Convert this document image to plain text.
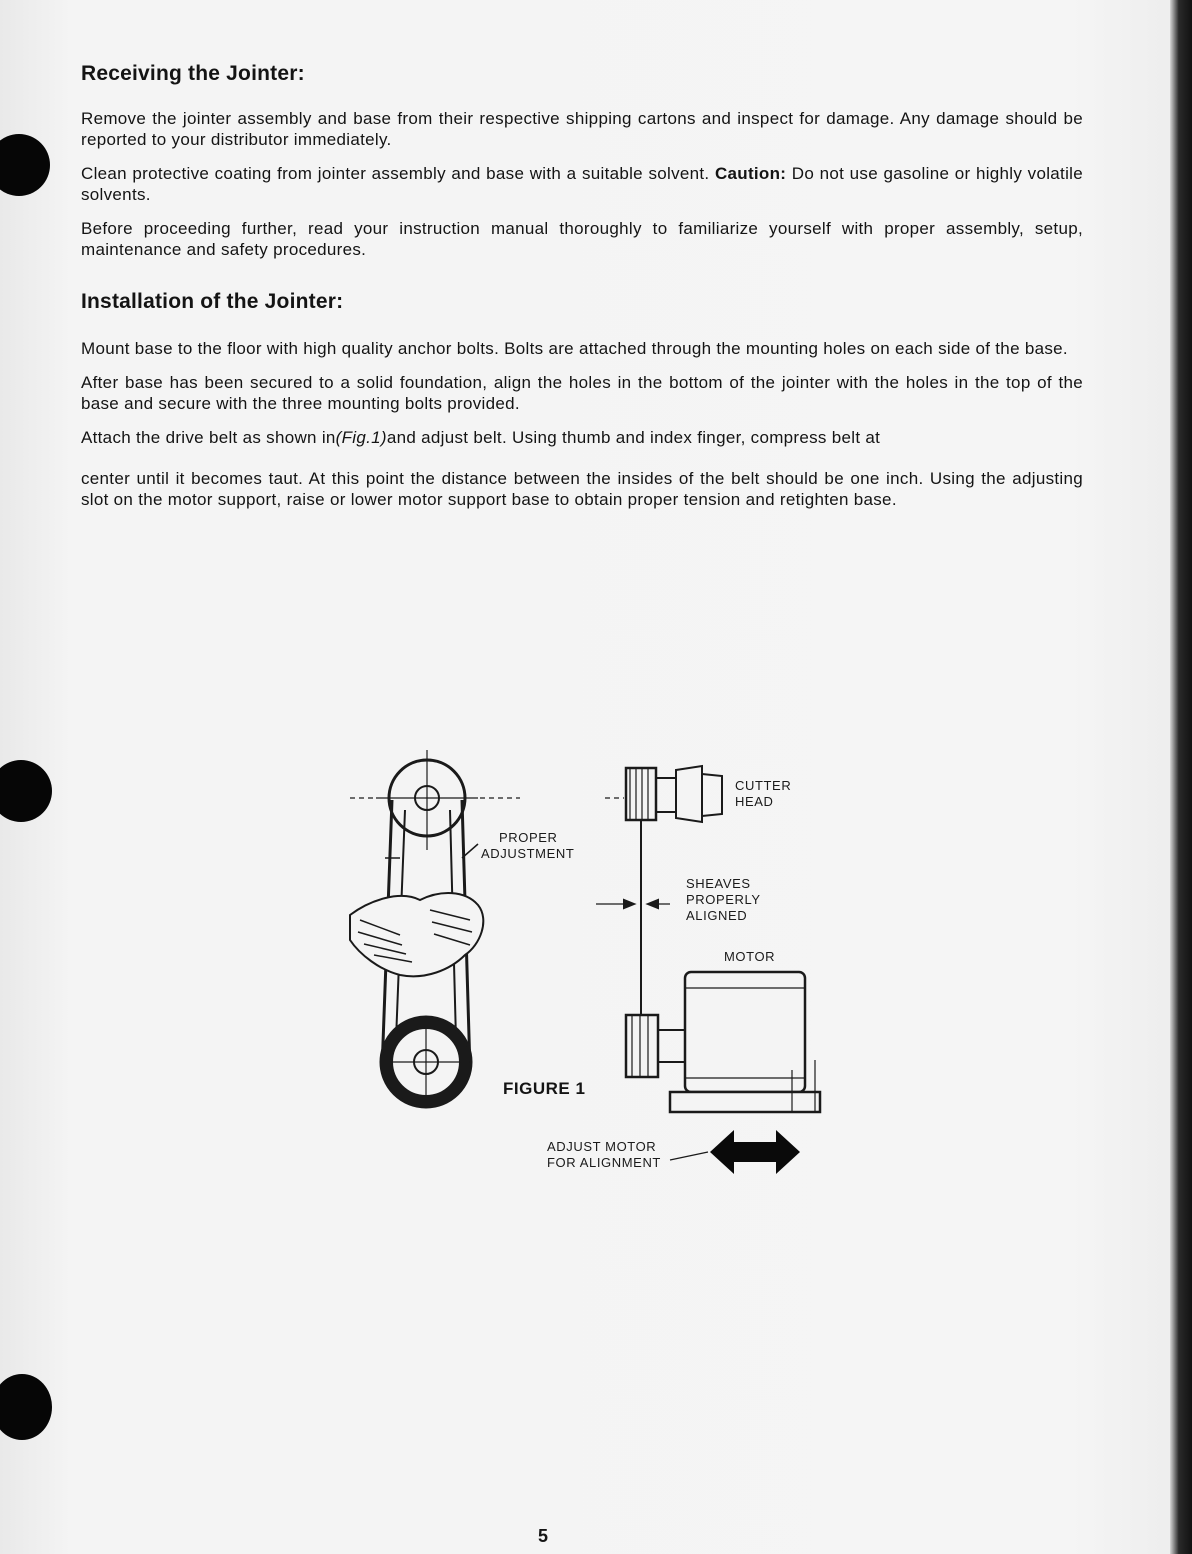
Receiving the Jointer:

Remove the jointer assembly and base from their respective shipping cartons and inspect for damage. Any damage should be reported to your distributor immediately.

Clean protective coating from jointer assembly and base with a suitable solvent. Caution: Do not use gasoline or highly volatile solvents.

Before proceeding further, read your instruction manual thoroughly to familiarize yourself with proper assembly, setup, maintenance and safety procedures.

Installation of the Jointer:

Mount base to the floor with high quality anchor bolts. Bolts are attached through the mounting holes on each side of the base.

After base has been secured to a solid foundation, align the holes in the bottom of the jointer with the holes in the top of the base and secure with the three mounting bolts provided.

Attach the drive belt as shown in(Fig.1)and adjust belt. Using thumb and index finger, compress belt at

center until it becomes taut. At this point the distance between the insides of the belt should be one inch. Using the adjusting slot on the motor support, raise or lower motor support base to obtain proper tension and retighten base.

CUTTER
HEAD
PROPER
ADJUSTMENT
SHEAVES
PROPERLY
ALIGNED
MOTOR
ADJUST MOTOR
FOR ALIGNMENT
FIGURE 1
5
